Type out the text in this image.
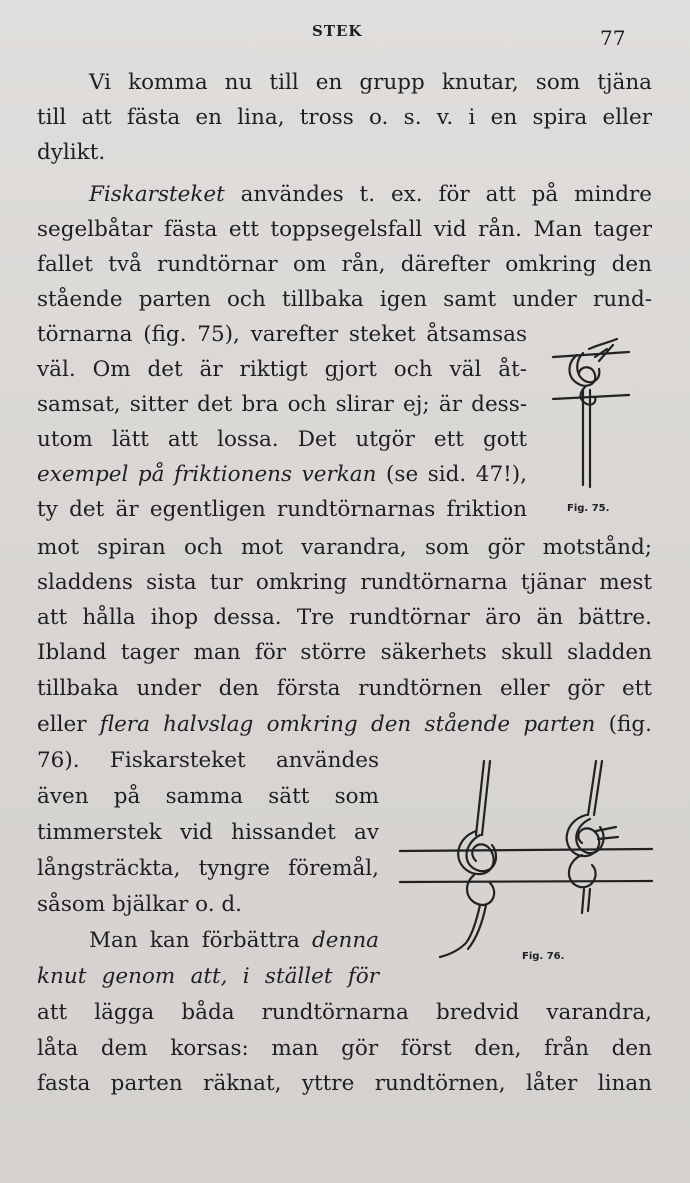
STEK	77
Vi komma nu till en grupp knutar, som tjäna
till att fästa en lina, tross o. s. v. i en spira eller
dylikt.
Fiskarsteket användes t. ex. för att på mindre
segelbåtar fästa ett toppsegelsfall vid rån. Man tager
fallet två rundtörnar om rån, därefter omkring den
stående parten och tillbaka igen samt under rund-
törnarna (fig. 75), varefter steket åtsamsas
väl. Om det är riktigt gjort och väl åt-
samsat, sitter det bra och slirar ej; är dess-
utom lätt att lossa. Det utgör ett gott
exempel på friktionens verkan (se sid. 47!),
ty det är egentligen rundtörnarnas friktion
mot spiran och mot varandra, som gör motstånd;
sladdens sista tur omkring rundtörnarna tjänar mest
att hålla ihop dessa. Tre rundtörnar äro än bättre.
Ibland tager man för större säkerhets skull sladden
tillbaka under den första rundtörnen eller gör ett
eller flera halvslag omkring den stående parten (fig.
76). Fiskarsteket användes
även på samma sätt som
timmerstek vid hissandet av
långsträckta, tyngre föremål,
såsom bjälkar o. d.
Man kan förbättra denna
knut genom att, i stället för
att lägga båda rundtörnarna bredvid varandra,
låta dem korsas: man gör först den, från den
fasta parten räknat, yttre rundtörnen, låter linan
Fig. 75.
Fig. 76.
